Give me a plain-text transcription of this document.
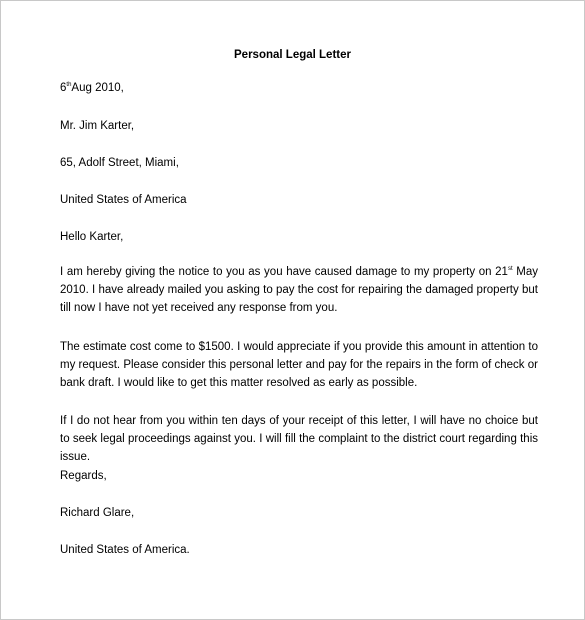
Personal Legal Letter
6thAug 2010,
Mr. Jim Karter,
65, Adolf Street, Miami,
United States of America
Hello Karter,
I am hereby giving the notice to you as you have caused damage to my property on 21st May 2010. I have already mailed you asking to pay the cost for repairing the damaged property but till now I have not yet received any response from you.
The estimate cost come to $1500. I would appreciate if you provide this amount in attention to my request. Please consider this personal letter and pay for the repairs in the form of check or bank draft. I would like to get this matter resolved as early as possible.
If I do not hear from you within ten days of your receipt of this letter, I will have no choice but to seek legal proceedings against you. I will fill the complaint to the district court regarding this issue.
Regards,
Richard Glare,
United States of America.
